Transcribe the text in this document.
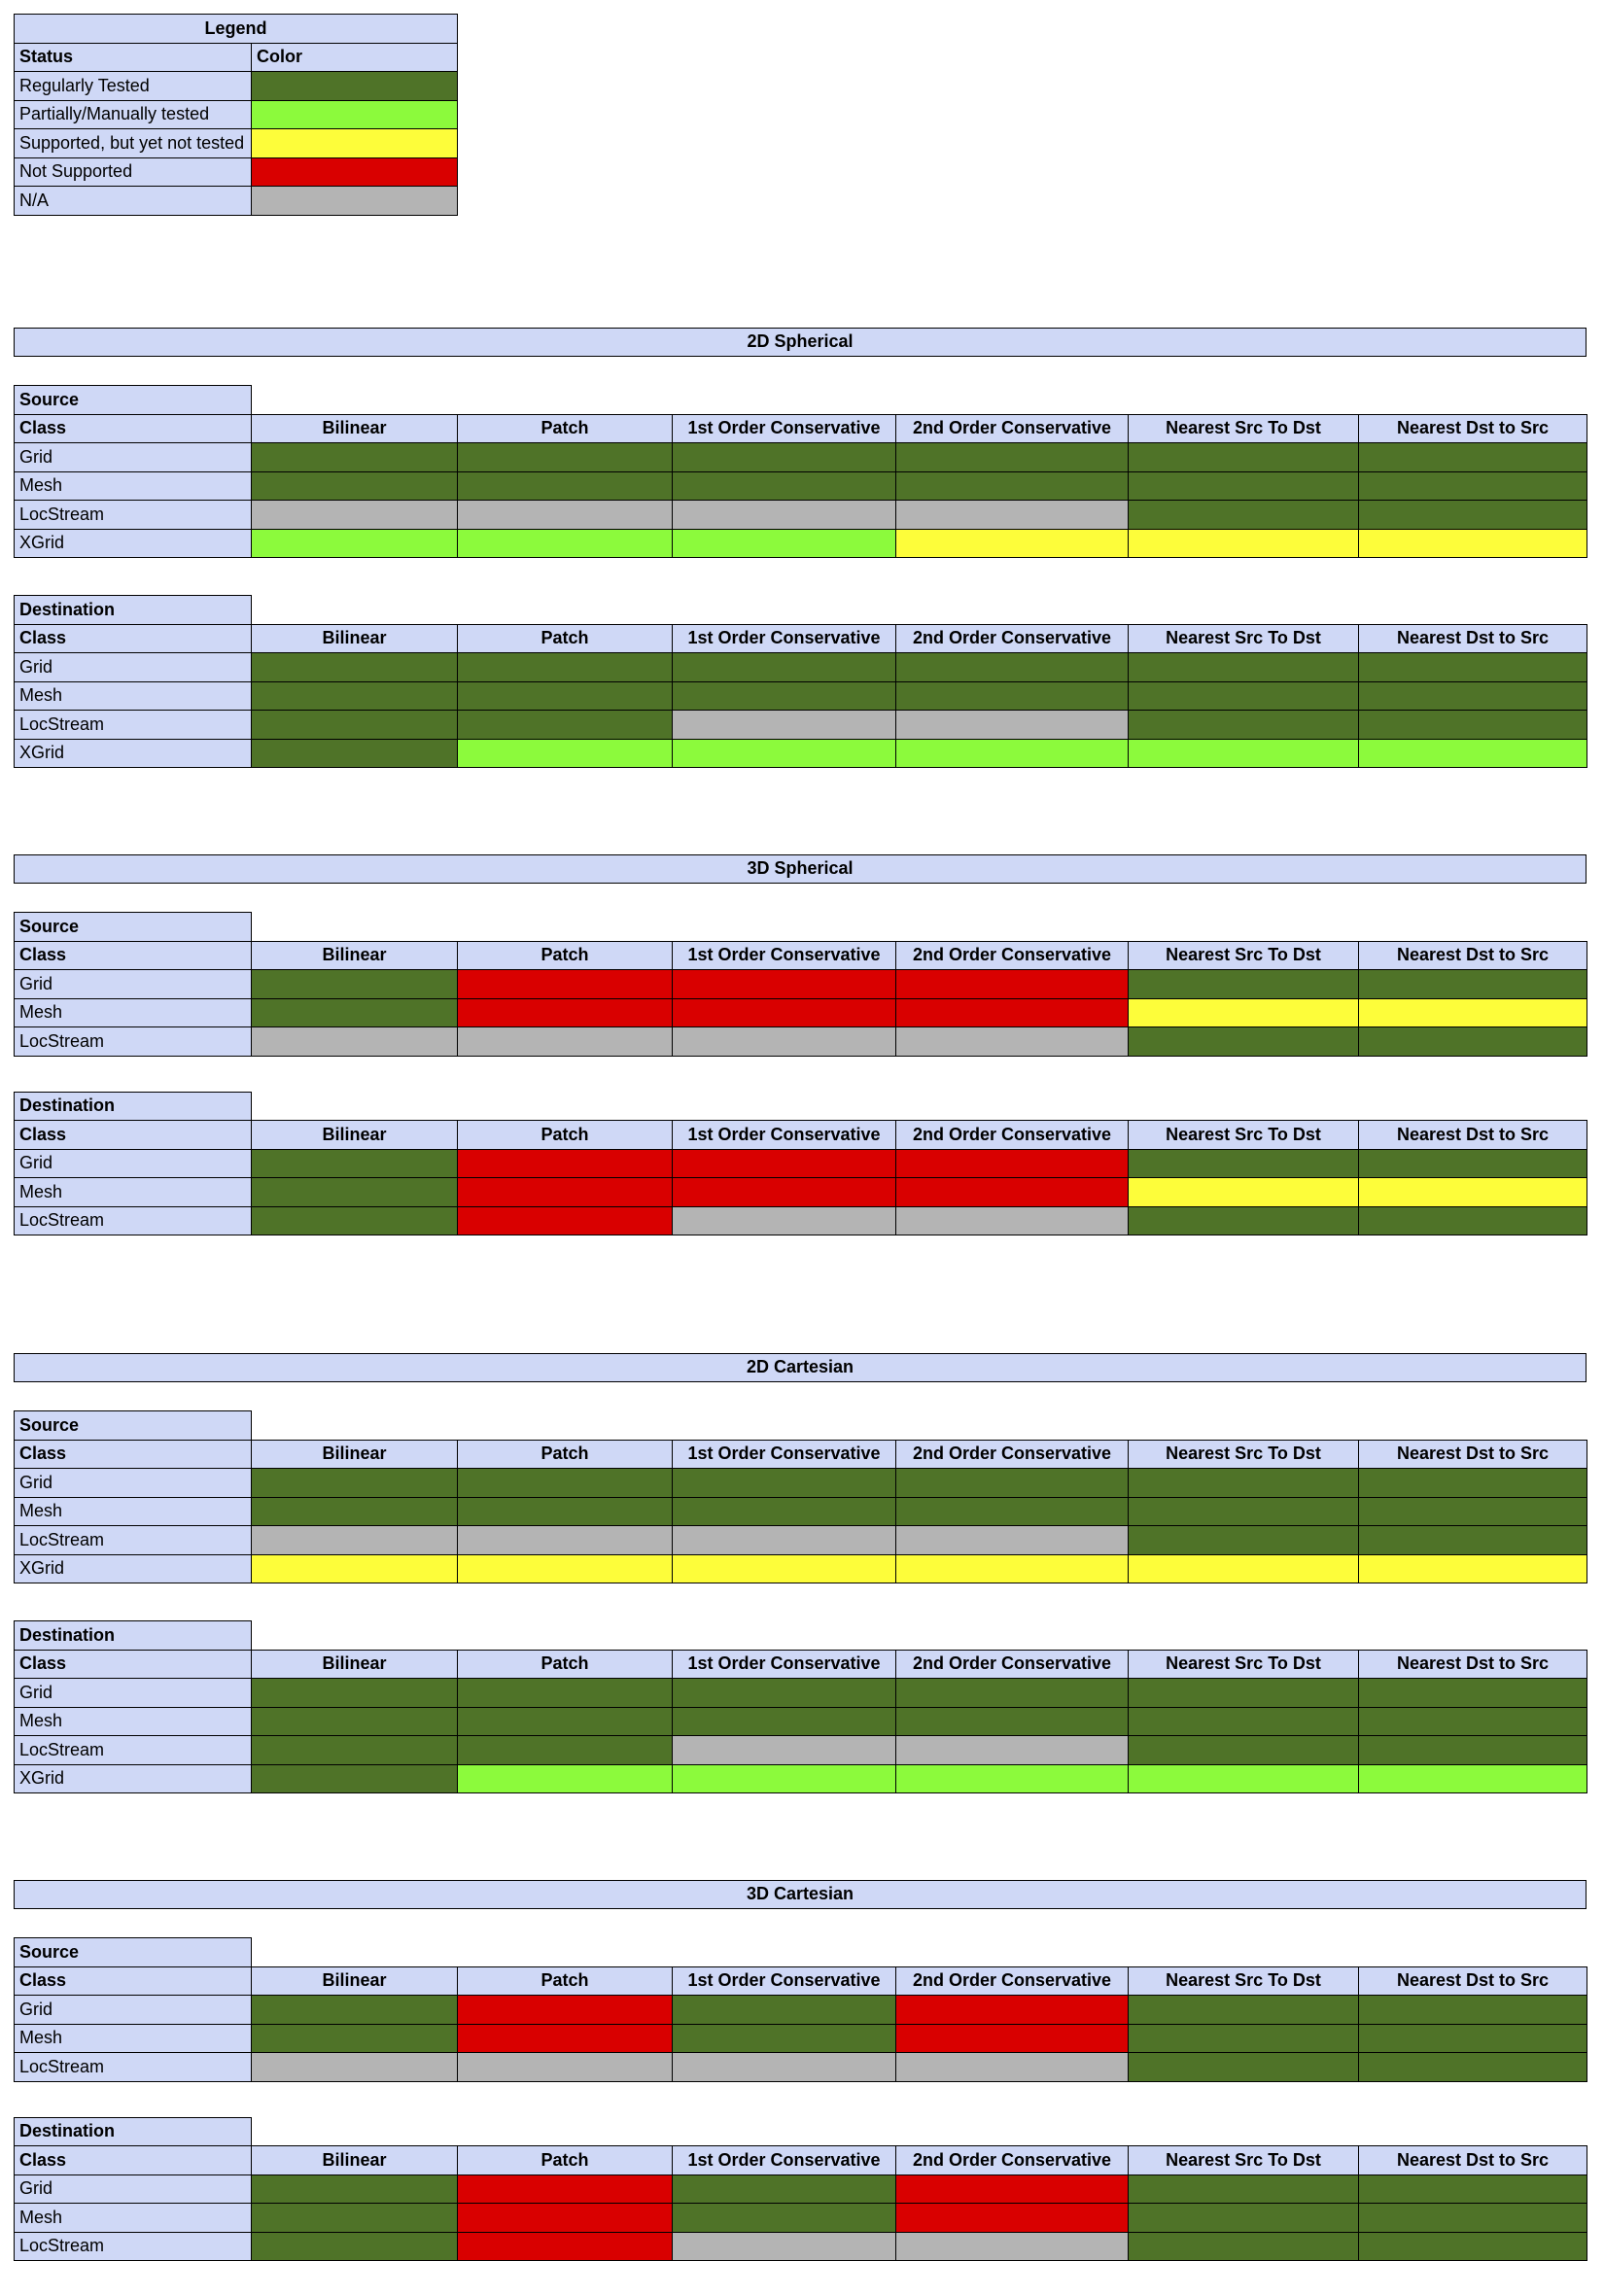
Legend	
Status	Color
Regularly Tested	
Partially/Manually tested	
Supported, but yet not tested	
Not Supported	
N/A	
2D Spherical
Source						
Class	Bilinear	Patch	1st Order Conservative	2nd Order Conservative	Nearest Src To Dst	Nearest Dst to Src
Grid						
Mesh						
LocStream						
XGrid						
Destination						
Class	Bilinear	Patch	1st Order Conservative	2nd Order Conservative	Nearest Src To Dst	Nearest Dst to Src
Grid						
Mesh						
LocStream						
XGrid						
3D Spherical
Source						
Class	Bilinear	Patch	1st Order Conservative	2nd Order Conservative	Nearest Src To Dst	Nearest Dst to Src
Grid						
Mesh						
LocStream						
Destination						
Class	Bilinear	Patch	1st Order Conservative	2nd Order Conservative	Nearest Src To Dst	Nearest Dst to Src
Grid						
Mesh						
LocStream						
2D Cartesian
Source						
Class	Bilinear	Patch	1st Order Conservative	2nd Order Conservative	Nearest Src To Dst	Nearest Dst to Src
Grid						
Mesh						
LocStream						
XGrid						
Destination						
Class	Bilinear	Patch	1st Order Conservative	2nd Order Conservative	Nearest Src To Dst	Nearest Dst to Src
Grid						
Mesh						
LocStream						
XGrid						
3D Cartesian
Source						
Class	Bilinear	Patch	1st Order Conservative	2nd Order Conservative	Nearest Src To Dst	Nearest Dst to Src
Grid						
Mesh						
LocStream						
Destination						
Class	Bilinear	Patch	1st Order Conservative	2nd Order Conservative	Nearest Src To Dst	Nearest Dst to Src
Grid						
Mesh						
LocStream						
